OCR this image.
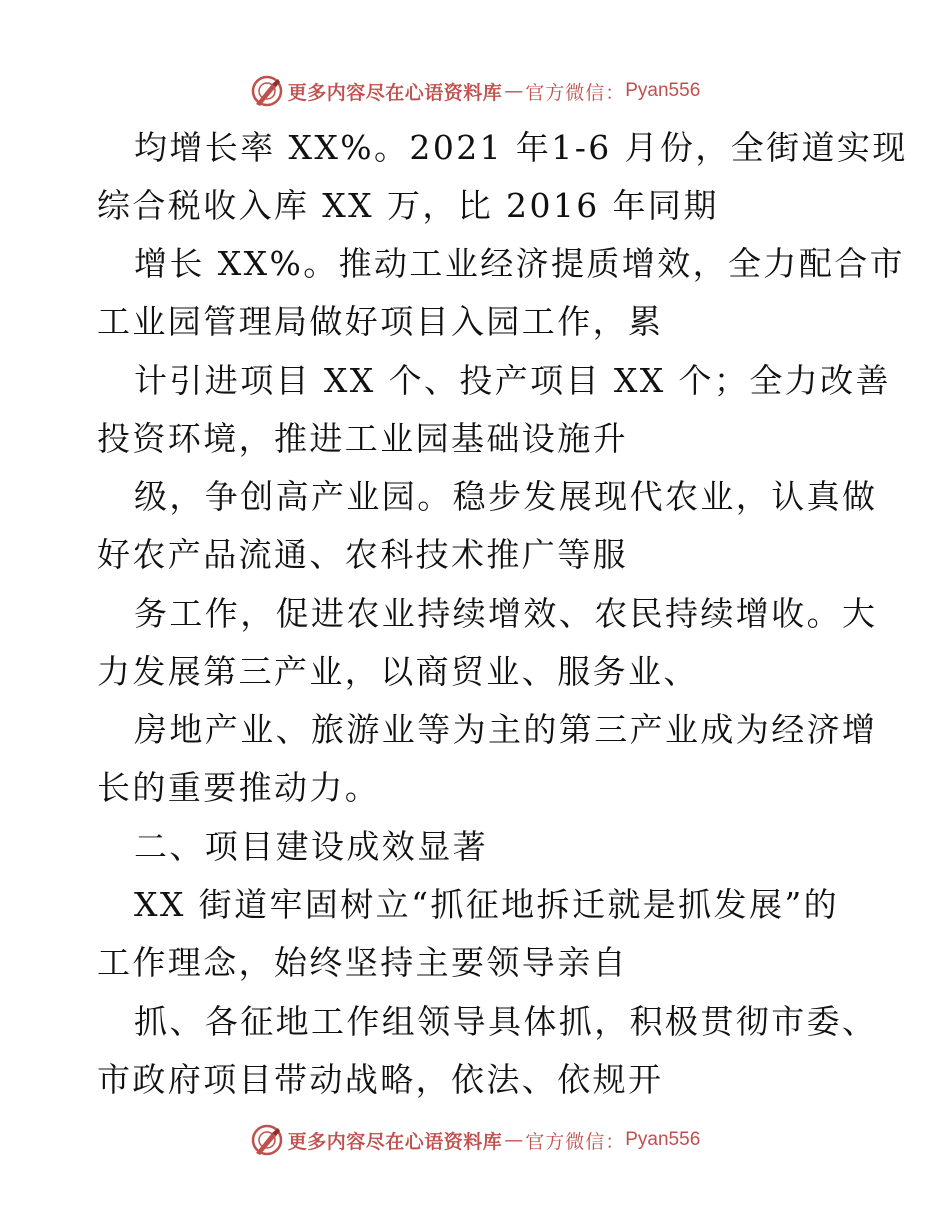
更多内容尽在心语资料库 — 官方微信： Pyan556
均增长率 XX%。2021 年1-6 月份，全街道实现
综合税收入库 XX 万，比 2016 年同期
增长 XX%。推动工业经济提质增效，全力配合市
工业园管理局做好项目入园工作，累
计引进项目 XX 个、投产项目 XX 个；全力改善
投资环境，推进工业园基础设施升
级，争创高产业园。稳步发展现代农业，认真做
好农产品流通、农科技术推广等服
务工作，促进农业持续增效、农民持续增收。大
力发展第三产业，以商贸业、服务业、
房地产业、旅游业等为主的第三产业成为经济增
长的重要推动力。
二、项目建设成效显著
XX 街道牢固树立“抓征地拆迁就是抓发展”的
工作理念，始终坚持主要领导亲自
抓、各征地工作组领导具体抓，积极贯彻市委、
市政府项目带动战略，依法、依规开
更多内容尽在心语资料库 — 官方微信： Pyan556
